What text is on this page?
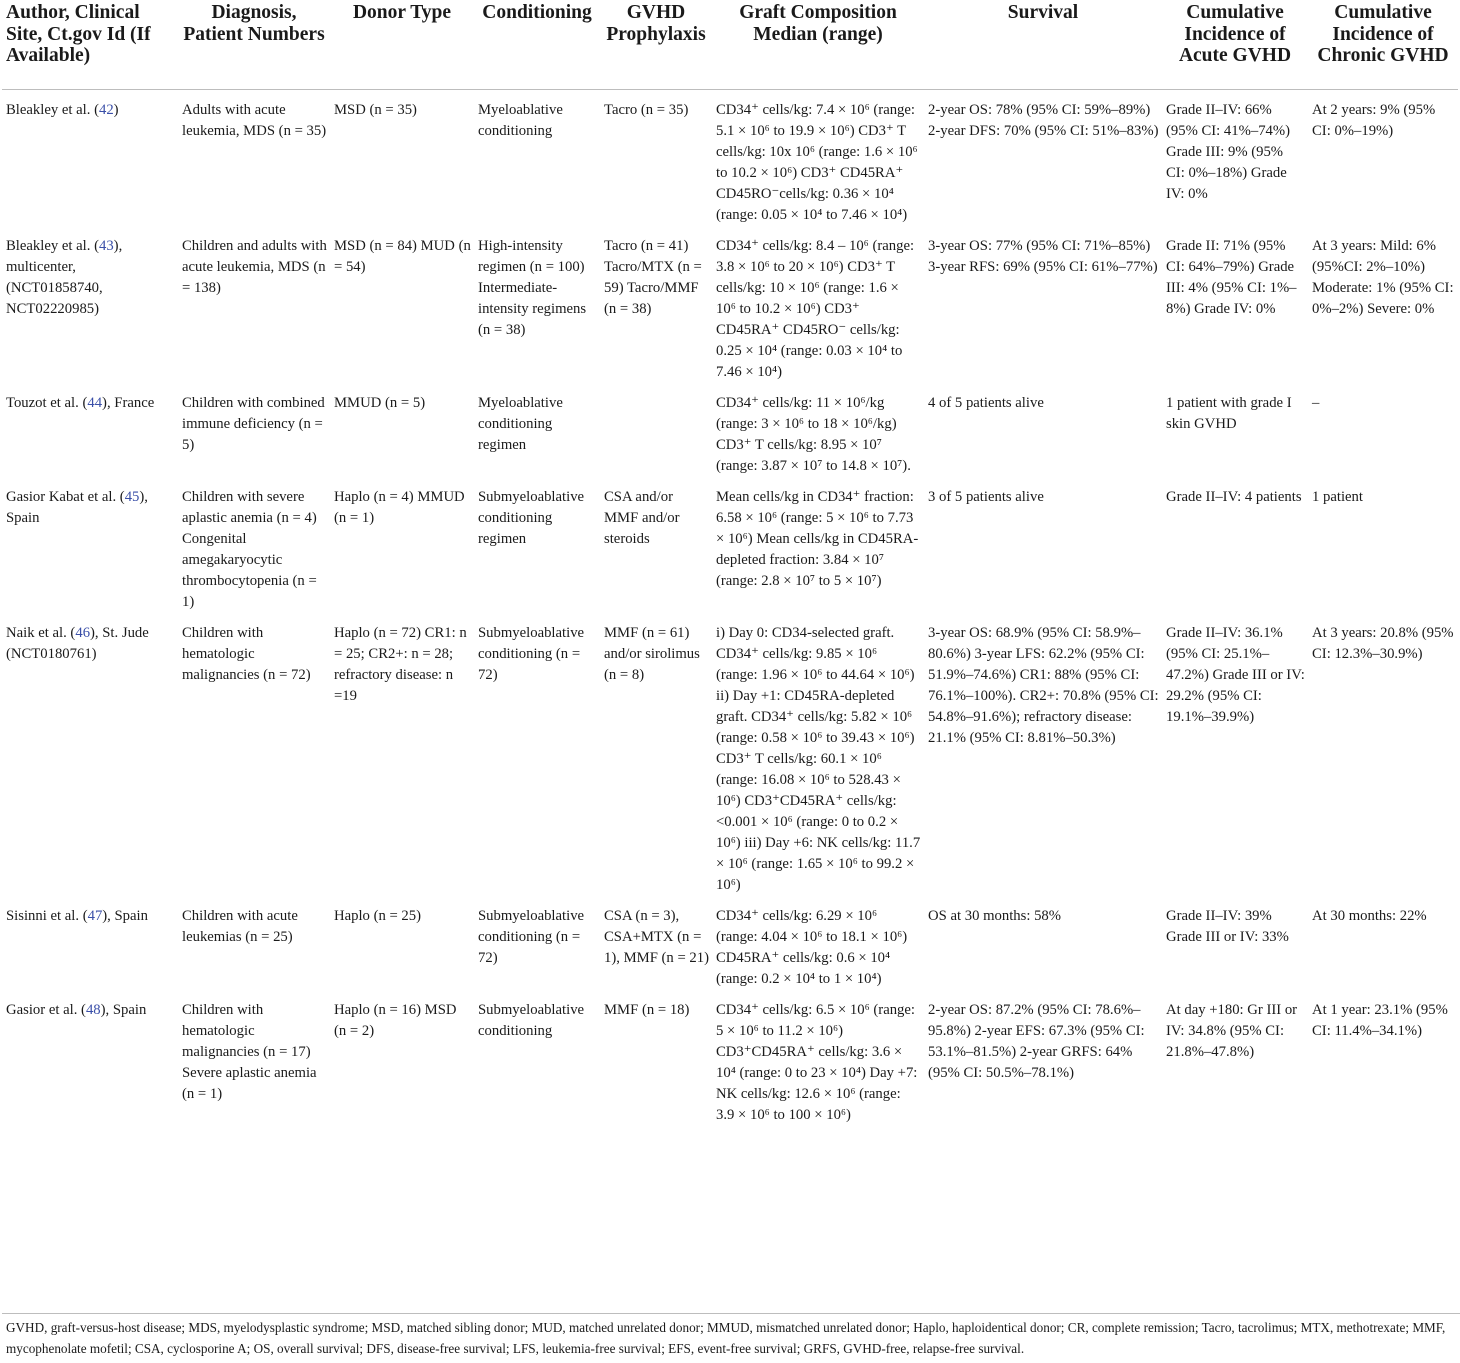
Author, Clinical Site, Ct.gov Id (If Available)	Diagnosis, Patient Numbers	Donor Type	Conditioning	GVHD Prophylaxis	Graft Composition Median (range)	Survival	Cumulative Incidence of Acute GVHD	Cumulative Incidence of Chronic GVHD
Bleakley et al. (42)	Adults with acute leukemia, MDS (n = 35)	MSD (n = 35)	Myeloablative conditioning	Tacro (n = 35)	CD34⁺ cells/kg: 7.4 × 10⁶ (range: 5.1 × 10⁶ to 19.9 × 10⁶) CD3⁺ T cells/kg: 10x 10⁶ (range: 1.6 × 10⁶ to 10.2 × 10⁶) CD3⁺ CD45RA⁺ CD45RO⁻cells/kg: 0.36 × 10⁴ (range: 0.05 × 10⁴ to 7.46 × 10⁴)	2-year OS: 78% (95% CI: 59%–89%) 2-year DFS: 70% (95% CI: 51%–83%)	Grade II–IV: 66% (95% CI: 41%–74%) Grade III: 9% (95% CI: 0%–18%) Grade IV: 0%	At 2 years: 9% (95% CI: 0%–19%)
Bleakley et al. (43), multicenter, (NCT01858740, NCT02220985)	Children and adults with acute leukemia, MDS (n = 138)	MSD (n = 84) MUD (n = 54)	High-intensity regimen (n = 100) Intermediate-intensity regimens (n = 38)	Tacro (n = 41) Tacro/MTX (n = 59) Tacro/MMF (n = 38)	CD34⁺ cells/kg: 8.4 – 10⁶ (range: 3.8 × 10⁶ to 20 × 10⁶) CD3⁺ T cells/kg: 10 × 10⁶ (range: 1.6 × 10⁶ to 10.2 × 10⁶) CD3⁺ CD45RA⁺ CD45RO⁻ cells/kg: 0.25 × 10⁴ (range: 0.03 × 10⁴ to 7.46 × 10⁴)	3-year OS: 77% (95% CI: 71%–85%) 3-year RFS: 69% (95% CI: 61%–77%)	Grade II: 71% (95% CI: 64%–79%) Grade III: 4% (95% CI: 1%–8%) Grade IV: 0%	At 3 years: Mild: 6% (95%CI: 2%–10%) Moderate: 1% (95% CI: 0%–2%) Severe: 0%
Touzot et al. (44), France	Children with combined immune deficiency (n = 5)	MMUD (n = 5)	Myeloablative conditioning regimen		CD34⁺ cells/kg: 11 × 10⁶/kg (range: 3 × 10⁶ to 18 × 10⁶/kg) CD3⁺ T cells/kg: 8.95 × 10⁷ (range: 3.87 × 10⁷ to 14.8 × 10⁷).	4 of 5 patients alive	1 patient with grade I skin GVHD	–
Gasior Kabat et al. (45), Spain	Children with severe aplastic anemia (n = 4) Congenital amegakaryocytic thrombocytopenia (n = 1)	Haplo (n = 4) MMUD (n = 1)	Submyeloablative conditioning regimen	CSA and/or MMF and/or steroids	Mean cells/kg in CD34⁺ fraction: 6.58 × 10⁶ (range: 5 × 10⁶ to 7.73 × 10⁶) Mean cells/kg in CD45RA-depleted fraction: 3.84 × 10⁷ (range: 2.8 × 10⁷ to 5 × 10⁷)	3 of 5 patients alive	Grade II–IV: 4 patients	1 patient
Naik et al. (46), St. Jude (NCT0180761)	Children with hematologic malignancies (n = 72)	Haplo (n = 72) CR1: n = 25; CR2+: n = 28; refractory disease: n =19	Submyeloablative conditioning (n = 72)	MMF (n = 61) and/or sirolimus (n = 8)	i) Day 0: CD34-selected graft. CD34⁺ cells/kg: 9.85 × 10⁶ (range: 1.96 × 10⁶ to 44.64 × 10⁶) ii) Day +1: CD45RA-depleted graft. CD34⁺ cells/kg: 5.82 × 10⁶ (range: 0.58 × 10⁶ to 39.43 × 10⁶) CD3⁺ T cells/kg: 60.1 × 10⁶ (range: 16.08 × 10⁶ to 528.43 × 10⁶) CD3⁺CD45RA⁺ cells/kg: <0.001 × 10⁶ (range: 0 to 0.2 × 10⁶) iii) Day +6: NK cells/kg: 11.7 × 10⁶ (range: 1.65 × 10⁶ to 99.2 × 10⁶)	3-year OS: 68.9% (95% CI: 58.9%–80.6%) 3-year LFS: 62.2% (95% CI: 51.9%–74.6%) CR1: 88% (95% CI: 76.1%–100%). CR2+: 70.8% (95% CI: 54.8%–91.6%); refractory disease: 21.1% (95% CI: 8.81%–50.3%)	Grade II–IV: 36.1% (95% CI: 25.1%–47.2%) Grade III or IV: 29.2% (95% CI: 19.1%–39.9%)	At 3 years: 20.8% (95% CI: 12.3%–30.9%)
Sisinni et al. (47), Spain	Children with acute leukemias (n = 25)	Haplo (n = 25)	Submyeloablative conditioning (n = 72)	CSA (n = 3), CSA+MTX (n = 1), MMF (n = 21)	CD34⁺ cells/kg: 6.29 × 10⁶ (range: 4.04 × 10⁶ to 18.1 × 10⁶) CD45RA⁺ cells/kg: 0.6 × 10⁴ (range: 0.2 × 10⁴ to 1 × 10⁴)	OS at 30 months: 58%	Grade II–IV: 39% Grade III or IV: 33%	At 30 months: 22%
Gasior et al. (48), Spain	Children with hematologic malignancies (n = 17) Severe aplastic anemia (n = 1)	Haplo (n = 16) MSD (n = 2)	Submyeloablative conditioning	MMF (n = 18)	CD34⁺ cells/kg: 6.5 × 10⁶ (range: 5 × 10⁶ to 11.2 × 10⁶) CD3⁺CD45RA⁺ cells/kg: 3.6 × 10⁴ (range: 0 to 23 × 10⁴) Day +7: NK cells/kg: 12.6 × 10⁶ (range: 3.9 × 10⁶ to 100 × 10⁶)	2-year OS: 87.2% (95% CI: 78.6%–95.8%) 2-year EFS: 67.3% (95% CI: 53.1%–81.5%) 2-year GRFS: 64% (95% CI: 50.5%–78.1%)	At day +180: Gr III or IV: 34.8% (95% CI: 21.8%–47.8%)	At 1 year: 23.1% (95% CI: 11.4%–34.1%)
GVHD, graft-versus-host disease; MDS, myelodysplastic syndrome; MSD, matched sibling donor; MUD, matched unrelated donor; MMUD, mismatched unrelated donor; Haplo, haploidentical donor; CR, complete remission; Tacro, tacrolimus; MTX, methotrexate; MMF, mycophenolate mofetil; CSA, cyclosporine A; OS, overall survival; DFS, disease-free survival; LFS, leukemia-free survival; EFS, event-free survival; GRFS, GVHD-free, relapse-free survival.
